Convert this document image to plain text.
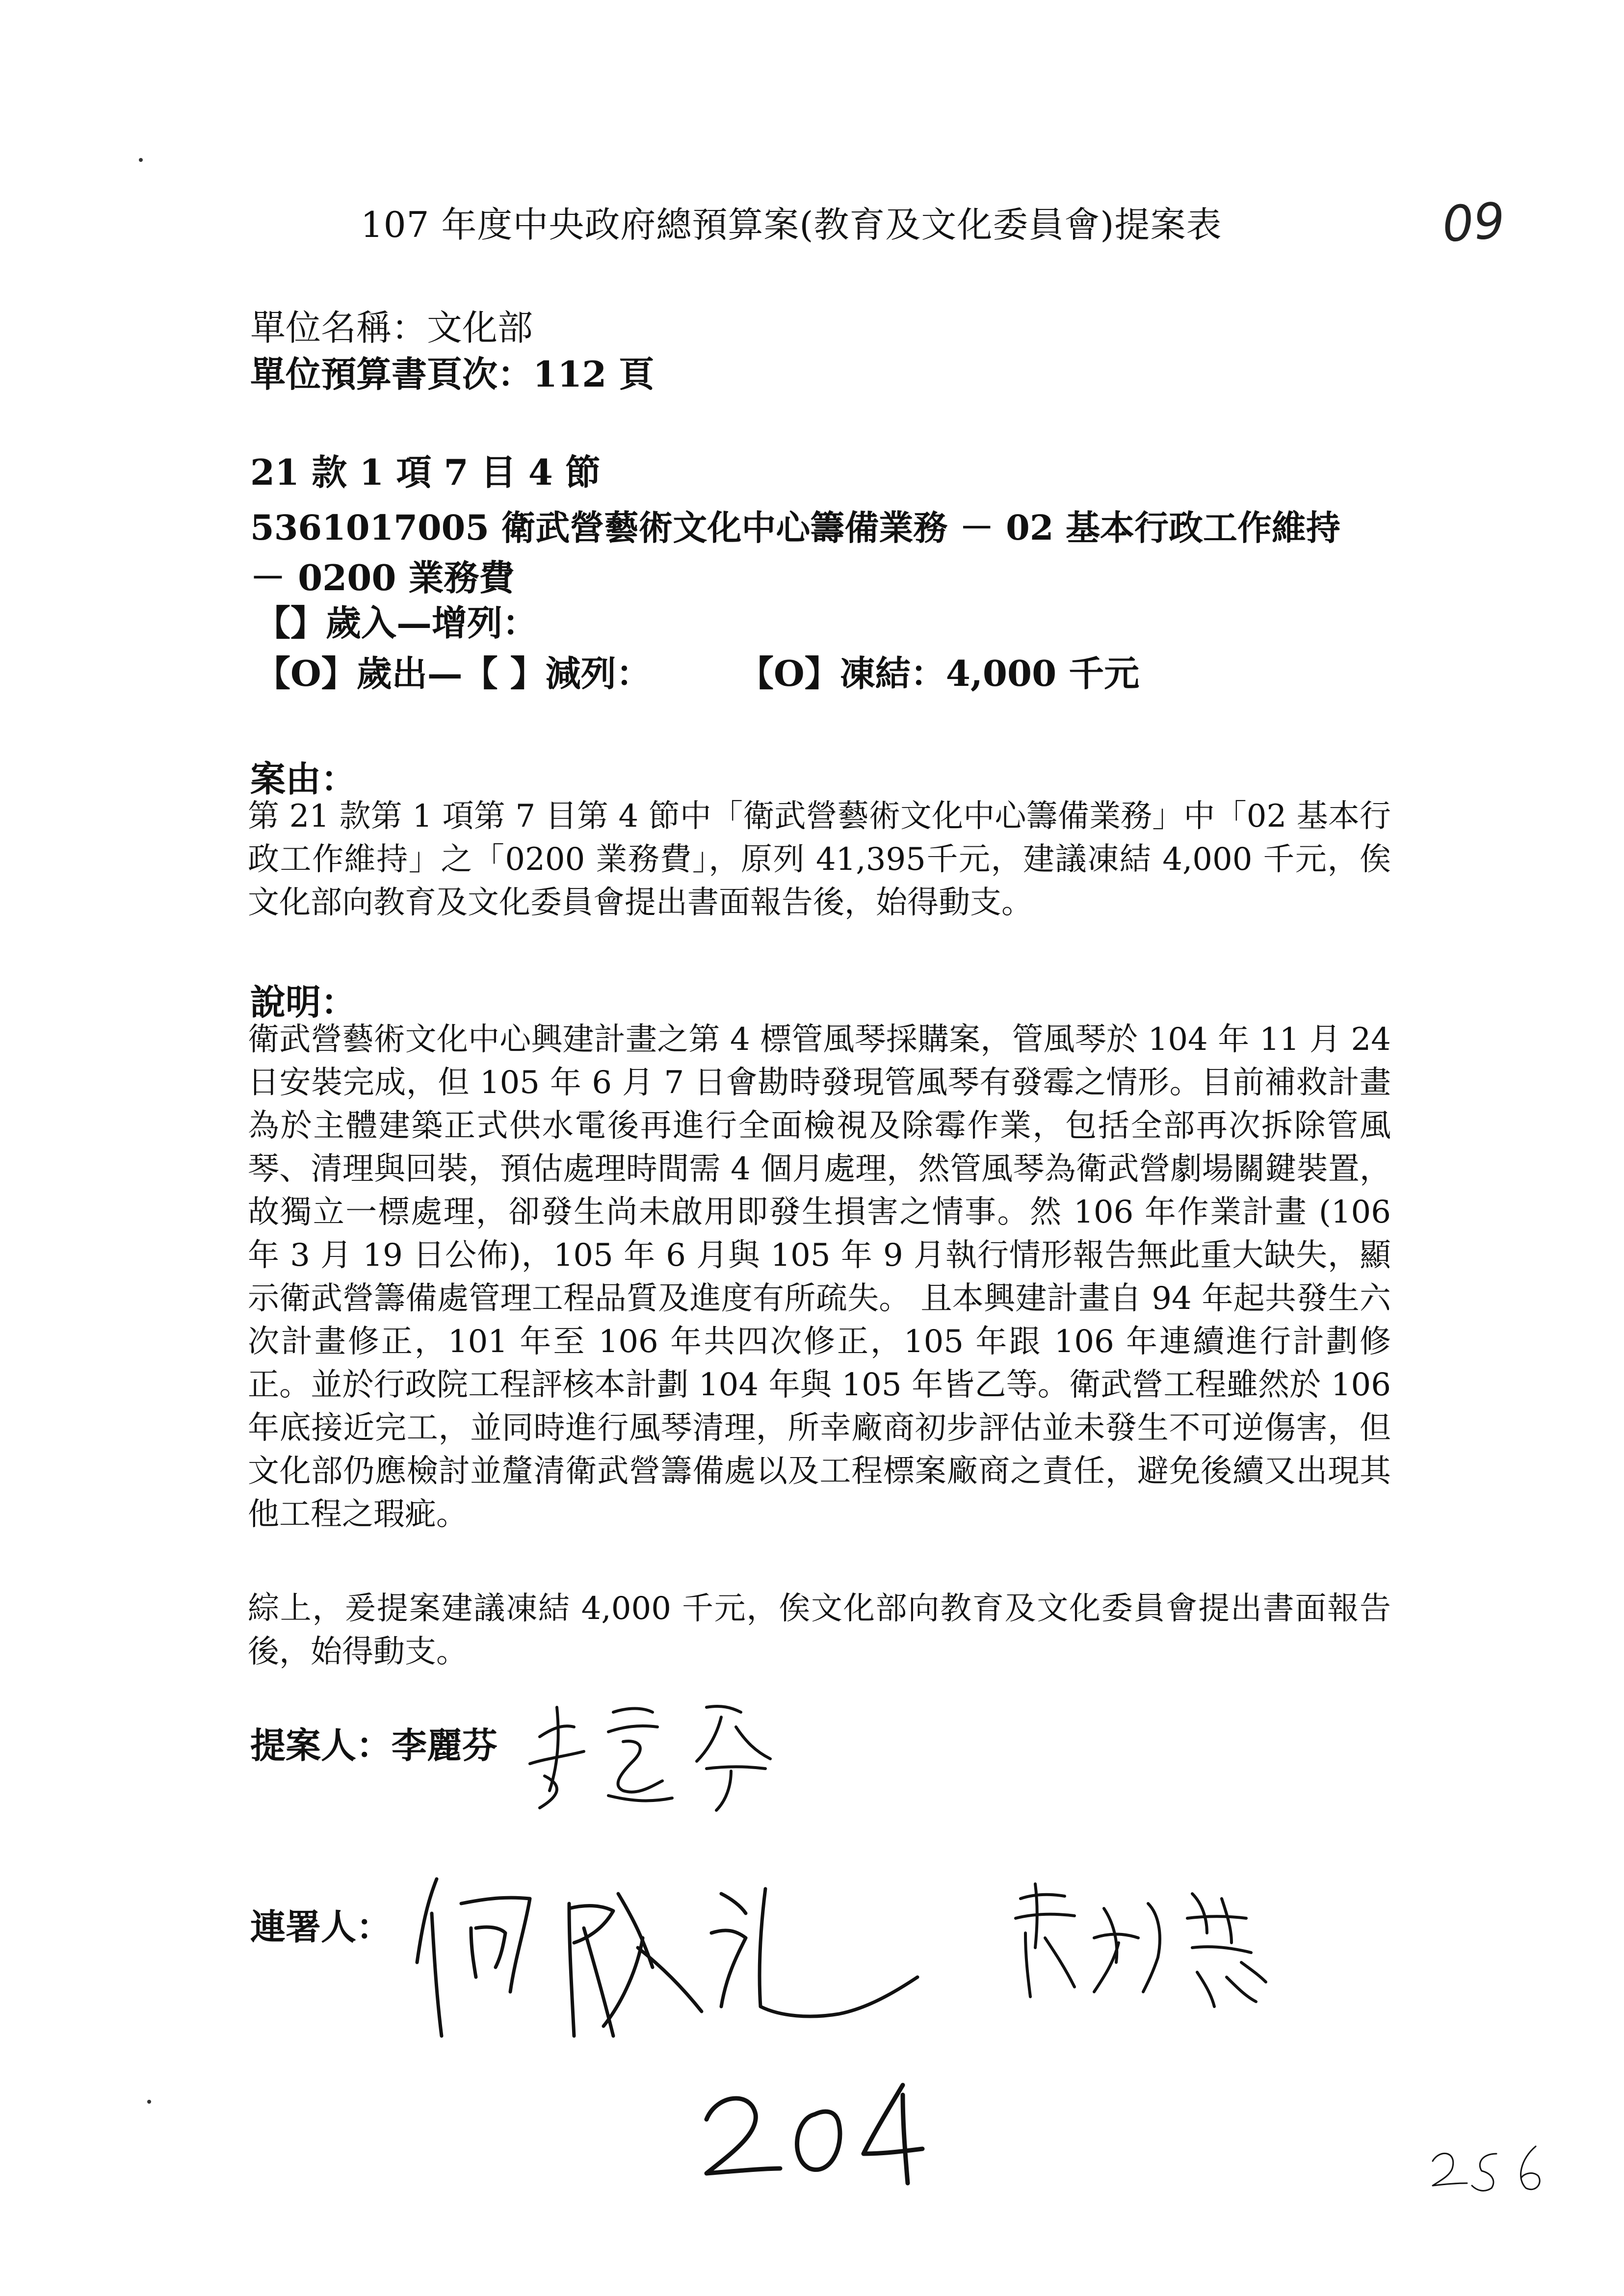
107 年度中央政府總預算案(教育及文化委員會)提案表	09
單位名稱：文化部
單位預算書頁次：112 頁
21 款 1 項 7 目 4 節
5361017005 衛武營藝術文化中心籌備業務 － 02 基本行政工作維持
－ 0200 業務費
【】歲入—增列：
【O】歲出—【 】減列： 【O】凍結：4,000 千元
案由：

第 21 款第 1 項第 7 目第 4 節中「衛武營藝術文化中心籌備業務」中「02 基本行政工作維持」之「0200 業務費」，原列 41,395千元，建議凍結 4,000 千元，俟文化部向教育及文化委員會提出書面報告後，始得動支。

說明：

衛武營藝術文化中心興建計畫之第 4 標管風琴採購案，管風琴於 104 年 11 月 24 日安裝完成，但 105 年 6 月 7 日會勘時發現管風琴有發霉之情形。目前補救計畫為於主體建築正式供水電後再進行全面檢視及除霉作業，包括全部再次拆除管風琴、清理與回裝，預估處理時間需 4 個月處理，然管風琴為衛武營劇場關鍵裝置，故獨立一標處理，卻發生尚未啟用即發生損害之情事。然 106 年作業計畫 (106 年 3 月 19 日公佈)，105 年 6 月與 105 年 9 月執行情形報告無此重大缺失，顯示衛武營籌備處管理工程品質及進度有所疏失。 且本興建計畫自 94 年起共發生六次計畫修正，101 年至 106 年共四次修正，105 年跟 106 年連續進行計劃修正。並於行政院工程評核本計劃 104 年與 105 年皆乙等。衛武營工程雖然於 106 年底接近完工，並同時進行風琴清理，所幸廠商初步評估並未發生不可逆傷害，但文化部仍應檢討並釐清衛武營籌備處以及工程標案廠商之責任，避免後續又出現其他工程之瑕疵。

綜上，爰提案建議凍結 4,000 千元，俟文化部向教育及文化委員會提出書面報告後，始得動支。

提案人：李麗芬
連署人：
